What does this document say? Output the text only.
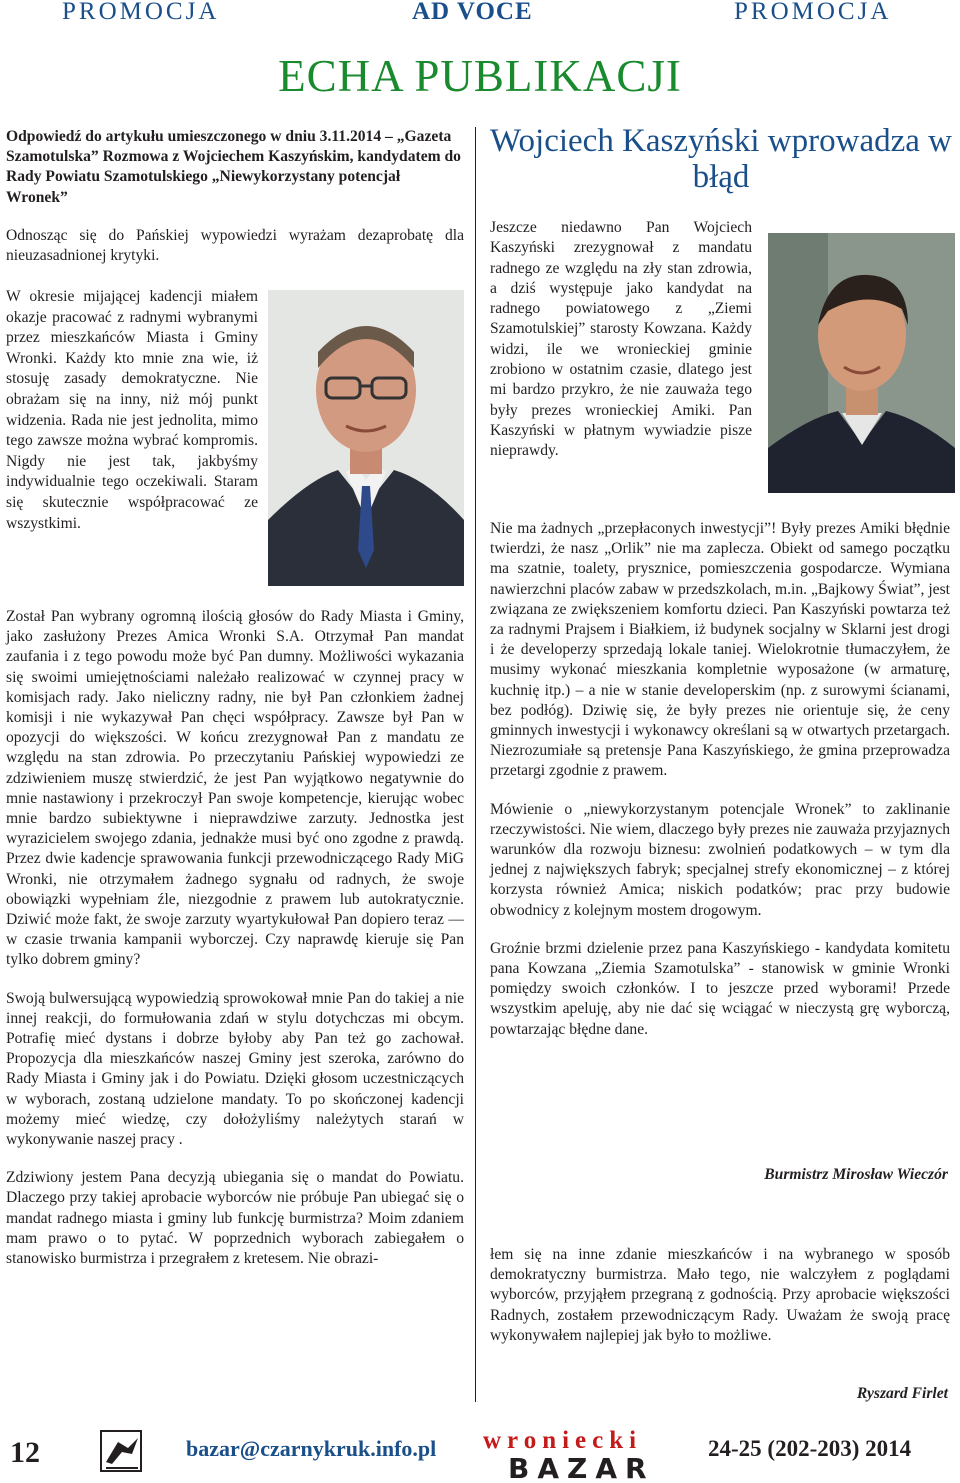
PROMOCJA	AD VOCE	PROMOCJA
ECHA PUBLIKACJI
Odpowiedź do artykułu umieszczonego w dniu 3.11.2014 – „Gazeta Szamotulska” Rozmowa z Wojciechem Kaszyńskim, kandydatem do Rady Powiatu Szamotulskiego „Niewykorzystany potencjał Wronek”
Odnosząc się do Pańskiej wypowiedzi wyrażam dezaprobatę dla nieuzasadnionej krytyki.
W okresie mijającej kadencji miałem okazje pracować z radnymi wybranymi przez mieszkańców Miasta i Gminy Wronki. Każdy kto mnie zna wie, iż stosuję zasady demokratyczne. Nie obrażam się na inny, niż mój punkt widzenia. Rada nie jest jednolita, mimo tego zawsze można wybrać kompromis. Nigdy nie jest tak, jakbyśmy indywidualnie tego oczekiwali. Staram się skutecznie współpracować ze wszystkimi.

Został Pan wybrany ogromną ilością głosów do Rady Miasta i Gminy, jako zasłużony Prezes Amica Wronki S.A. Otrzymał Pan mandat zaufania i z tego powodu może być Pan dumny. Możliwości wykazania się swoimi umiejętnościami należało realizować w czynnej pracy w komisjach rady. Jako nieliczny radny, nie był Pan członkiem żadnej komisji i nie wykazywał Pan chęci współpracy. Zawsze był Pan w opozycji do większości. W końcu zrezygnował Pan z mandatu ze względu na stan zdrowia. Po przeczytaniu Pańskiej wypowiedzi ze zdziwieniem muszę stwierdzić, że jest Pan wyjątkowo negatywnie do mnie nastawiony i przekroczył Pan swoje kompetencje, kierując wobec mnie bardzo subiektywne i nieprawdziwe zarzuty. Jednostka jest wyrazicielem swojego zdania, jednakże musi być ono zgodne z prawdą. Przez dwie kadencje sprawowania funkcji przewodniczącego Rady MiG Wronki, nie otrzymałem żadnego sygnału od radnych, że swoje obowiązki wypełniam źle, niezgodnie z prawem lub autokratycznie. Dziwić może fakt, że swoje zarzuty wyartykułował Pan dopiero teraz — w czasie trwania kampanii wyborczej. Czy naprawdę kieruje się Pan tylko dobrem gminy?

Swoją bulwersującą wypowiedzią sprowokował mnie Pan do takiej a nie innej reakcji, do formułowania zdań w stylu dotychczas mi obcym. Potrafię mieć dystans i dobrze byłoby aby Pan też go zachował. Propozycja dla mieszkańców naszej Gminy jest szeroka, zarówno do Rady Miasta i Gminy jak i do Powiatu. Dzięki głosom uczestniczących w wyborach, zostaną udzielone mandaty. To po skończonej kadencji możemy mieć wiedzę, czy dołożyliśmy należytych starań w wykonywanie naszej pracy .

Zdziwiony jestem Pana decyzją ubiegania się o mandat do Powiatu. Dlaczego przy takiej aprobacie wyborców nie próbuje Pan ubiegać się o mandat radnego miasta i gminy lub funkcję burmistrza? Moim zdaniem mam prawo o to pytać. W poprzednich wyborach zabiegałem o stanowisko burmistrza i przegrałem z kretesem. Nie obrazi-

Wojciech Kaszyński wprowadza w błąd
Jeszcze niedawno Pan Wojciech Kaszyński zrezygnował z mandatu radnego ze względu na zły stan zdrowia, a dziś występuje jako kandydat na radnego powiatowego z „Ziemi Szamotulskiej” starosty Kowzana. Każdy widzi, ile we wronieckiej gminie zrobiono w ostatnim czasie, dlatego jest mi bardzo przykro, że nie zauważa tego były prezes wronieckiej Amiki. Pan Kaszyński w płatnym wywiadzie pisze nieprawdy.

Nie ma żadnych „przepłaconych inwestycji”! Były prezes Amiki błędnie twierdzi, że nasz „Orlik” nie ma zaplecza. Obiekt od samego początku ma szatnie, toalety, prysznice, pomieszczenia gospodarcze. Wymiana nawierzchni placów zabaw w przedszkolach, m.in. „Bajkowy Świat”, jest związana ze zwiększeniem komfortu dzieci. Pan Kaszyński powtarza też za radnymi Prajsem i Białkiem, iż budynek socjalny w Sklarni jest drogi i że developerzy sprzedają lokale taniej. Wielokrotnie tłumaczyłem, że musimy wykonać mieszkania kompletnie wyposażone (w armaturę, kuchnię itp.) – a nie w stanie developerskim (np. z surowymi ścianami, bez podłóg). Dziwię się, że były prezes nie orientuje się, że ceny gminnych inwestycji i wykonawcy określani są w otwartych przetargach. Niezrozumiałe są pretensje Pana Kaszyńskiego, że gmina przeprowadza przetargi zgodnie z prawem.

Mówienie o „niewykorzystanym potencjale Wronek” to zaklinanie rzeczywistości. Nie wiem, dlaczego były prezes nie zauważa przyjaznych warunków dla rozwoju biznesu: zwolnień podatkowych – w tym dla jednej z największych fabryk; specjalnej strefy ekonomicznej – z której korzysta również Amica; niskich podatków; prac przy budowie obwodnicy z kolejnym mostem drogowym.

Groźnie brzmi dzielenie przez pana Kaszyńskiego - kandydata komitetu pana Kowzana „Ziemia Szamotulska” - stanowisk w gminie Wronki pomiędzy swoich członków. I to jeszcze przed wyborami! Przede wszystkim apeluję, aby nie dać się wciągać w nieczystą grę wyborczą, powtarzając błędne dane.

Burmistrz Mirosław Wieczór
łem się na inne zdanie mieszkańców i na wybranego w sposób demokratyczny burmistrza. Mało tego, nie walczyłem z poglądami wyborców, przyjąłem przegraną z godnością. Przy aprobacie większości Radnych, zostałem przewodniczącym Rady. Uważam że swoją pracę wykonywałem najlepiej jak było to możliwe.
Ryszard Firlet
12	bazar@czarnykruk.info.pl wroniecki
BAZAR
24-25 (202-203) 2014
